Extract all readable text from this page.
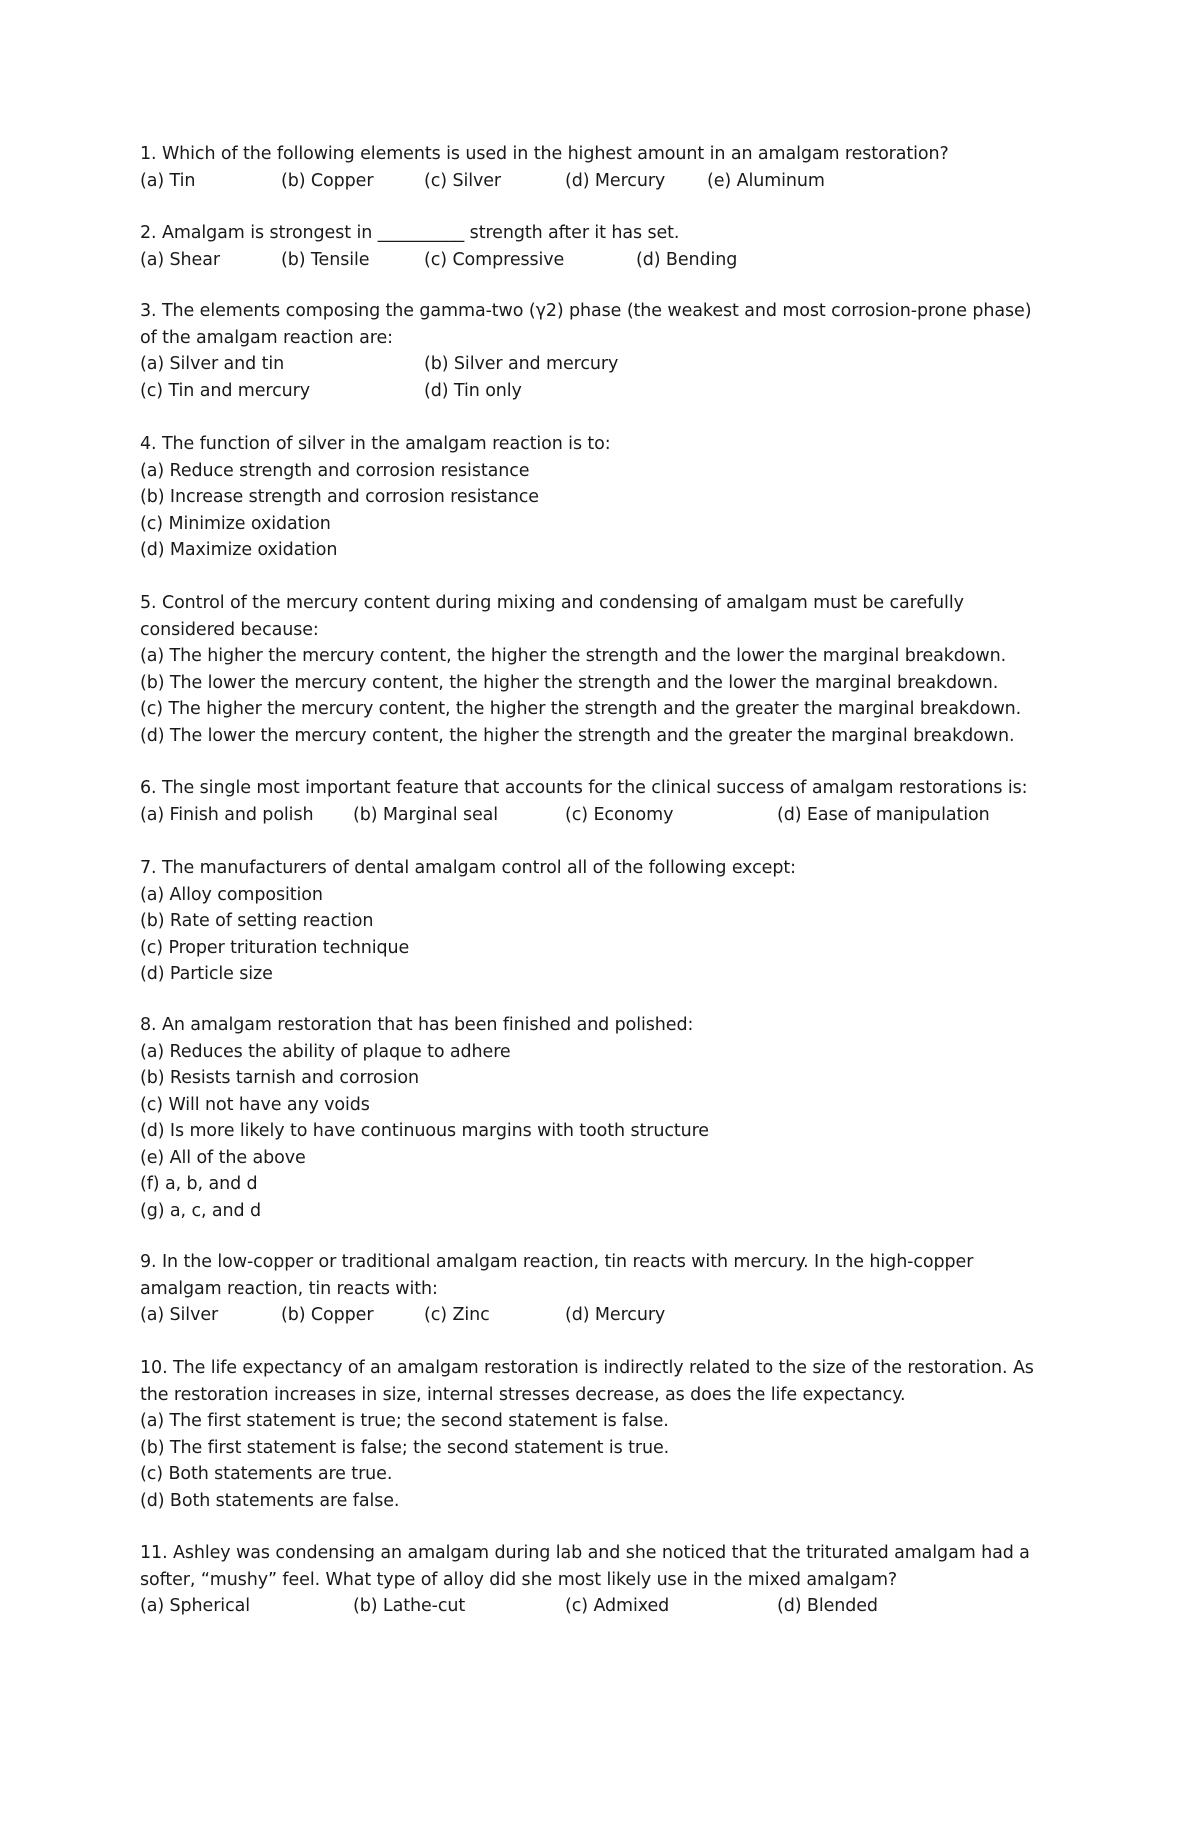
1. Which of the following elements is used in the highest amount in an amalgam restoration?
(a) Tin	(b) Copper	(c) Silver	(d) Mercury (e) Aluminum
2. Amalgam is strongest in __________ strength after it has set.
(a) Shear	(b) Tensile	(c) Compressive	(d) Bending
3. The elements composing the gamma-two (γ2) phase (the weakest and most corrosion-prone phase)
of the amalgam reaction are:
(a) Silver and tin	(b) Silver and mercury
(c) Tin and mercury	(d) Tin only
4. The function of silver in the amalgam reaction is to:
(a) Reduce strength and corrosion resistance
(b) Increase strength and corrosion resistance
(c) Minimize oxidation
(d) Maximize oxidation
5. Control of the mercury content during mixing and condensing of amalgam must be carefully
considered because:
(a) The higher the mercury content, the higher the strength and the lower the marginal breakdown.
(b) The lower the mercury content, the higher the strength and the lower the marginal breakdown.
(c) The higher the mercury content, the higher the strength and the greater the marginal breakdown.
(d) The lower the mercury content, the higher the strength and the greater the marginal breakdown.
6. The single most important feature that accounts for the clinical success of amalgam restorations is:
(a) Finish and polish (b) Marginal seal	(c) Economy	(d) Ease of manipulation
7. The manufacturers of dental amalgam control all of the following except:
(a) Alloy composition
(b) Rate of setting reaction
(c) Proper trituration technique
(d) Particle size
8. An amalgam restoration that has been finished and polished:
(a) Reduces the ability of plaque to adhere
(b) Resists tarnish and corrosion
(c) Will not have any voids
(d) Is more likely to have continuous margins with tooth structure
(e) All of the above
(f) a, b, and d
(g) a, c, and d
9. In the low-copper or traditional amalgam reaction, tin reacts with mercury. In the high-copper
amalgam reaction, tin reacts with:
(a) Silver	(b) Copper	(c) Zinc	(d) Mercury
10. The life expectancy of an amalgam restoration is indirectly related to the size of the restoration. As
the restoration increases in size, internal stresses decrease, as does the life expectancy.
(a) The first statement is true; the second statement is false.
(b) The first statement is false; the second statement is true.
(c) Both statements are true.
(d) Both statements are false.
11. Ashley was condensing an amalgam during lab and she noticed that the triturated amalgam had a
softer, “mushy” feel. What type of alloy did she most likely use in the mixed amalgam?
(a) Spherical	(b) Lathe-cut	(c) Admixed	(d) Blended
